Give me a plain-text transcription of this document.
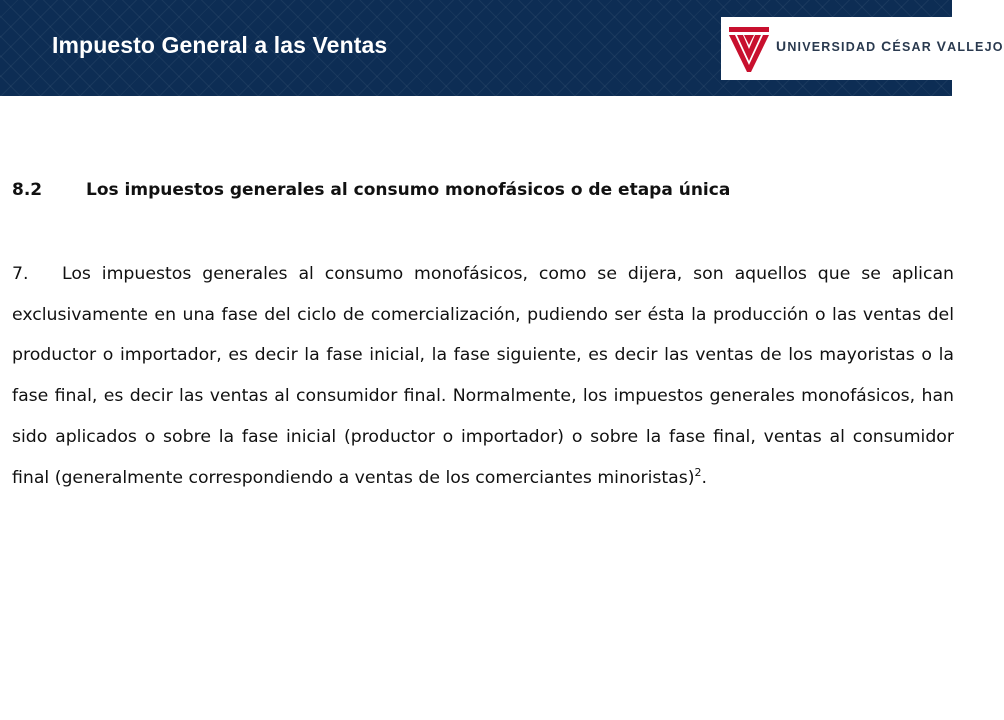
Impuesto General a las Ventas	UNIVERSIDAD CÉSAR VALLEJO
8.2	Los impuestos generales al consumo monofásicos o de etapa única

7. Los impuestos generales al consumo monofásicos, como se dijera, son aquellos que se aplican exclusivamente en una fase del ciclo de comercialización, pudiendo ser ésta la producción o las ventas del productor o importador, es decir la fase inicial, la fase siguiente, es decir las ventas de los mayoristas o la fase final, es decir las ventas al consumidor final. Normalmente, los impuestos generales monofásicos, han sido aplicados o sobre la fase inicial (productor o importador) o sobre la fase final, ventas al consumidor final (generalmente correspondiendo a ventas de los comerciantes minoristas)$^2$.
